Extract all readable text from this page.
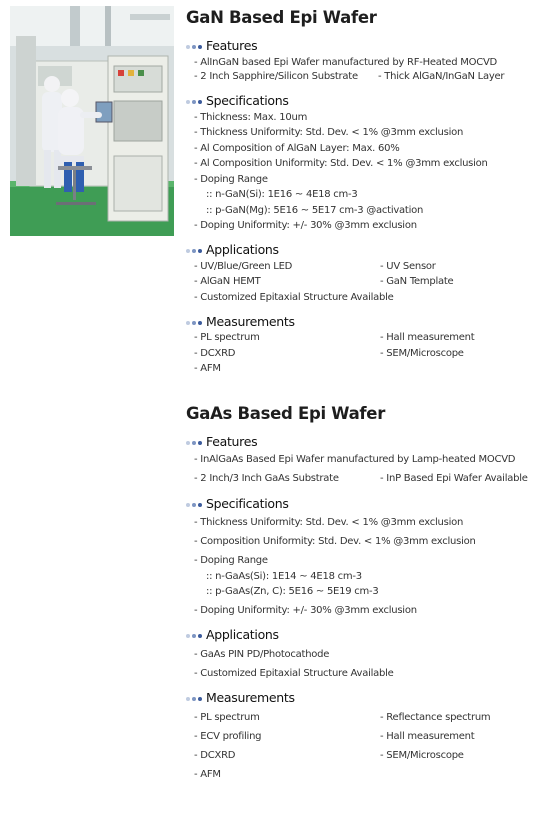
GaN Based Epi Wafer
Features
- AlInGaN based Epi Wafer manufactured by RF-Heated MOCVD
- 2 Inch Sapphire/Silicon Substrate - Thick AlGaN/InGaN Layer
Specifications
- Thickness: Max. 10um
- Thickness Uniformity: Std. Dev. < 1% @3mm exclusion
- Al Composition of AlGaN Layer: Max. 60%
- Al Composition Uniformity: Std. Dev. < 1% @3mm exclusion
- Doping Range
:: n-GaN(Si): 1E16 ~ 4E18 cm-3
:: p-GaN(Mg): 5E16 ~ 5E17 cm-3 @activation
- Doping Uniformity: +/- 30% @3mm exclusion
Applications
- UV/Blue/Green LED	- UV Sensor
- AlGaN HEMT	- GaN Template
- Customized Epitaxial Structure Available
Measurements
- PL spectrum	- Hall measurement
- DCXRD	- SEM/Microscope
- AFM
GaAs Based Epi Wafer
Features
- InAlGaAs Based Epi Wafer manufactured by Lamp-heated MOCVD
- 2 Inch/3 Inch GaAs Substrate	- InP Based Epi Wafer Available
Specifications
- Thickness Uniformity: Std. Dev. < 1% @3mm exclusion
- Composition Uniformity: Std. Dev. < 1% @3mm exclusion
- Doping Range
:: n-GaAs(Si): 1E14 ~ 4E18 cm-3
:: p-GaAs(Zn, C): 5E16 ~ 5E19 cm-3
- Doping Uniformity: +/- 30% @3mm exclusion
Applications
- GaAs PIN PD/Photocathode
- Customized Epitaxial Structure Available
Measurements
- PL spectrum	- Reflectance spectrum
- ECV profiling	- Hall measurement
- DCXRD	- SEM/Microscope
- AFM
